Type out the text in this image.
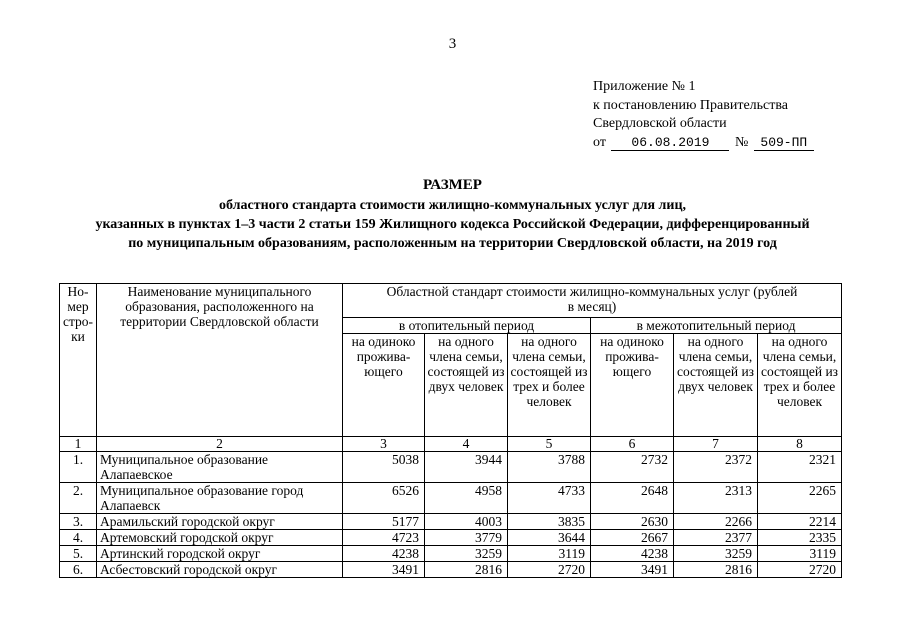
3
Приложение № 1
к постановлению Правительства
Свердловской области
от 06.08.2019 № 509-ПП
РАЗМЕР
областного стандарта стоимости жилищно-коммунальных услуг для лиц,
указанных в пунктах 1–3 части 2 статьи 159 Жилищного кодекса Российской Федерации, дифференцированный
по муниципальным образованиям, расположенным на территории Свердловской области, на 2019 год
Но-мер стро-ки	Наименование муниципального образования, расположенного на территории Свердловской области	Областной стандарт стоимости жилищно-коммунальных услуг (рублей в месяц)					
		в отопительный период			в межотопительный период		
		на одиноко прожива-ющего	на одного члена семьи, состоящей из двух человек	на одного члена семьи, состоящей из трех и более человек	на одиноко прожива-ющего	на одного члена семьи, состоящей из двух человек	на одного члена семьи, состоящей из трех и более человек
1	2	3	4	5	6	7	8
1.	Муниципальное образование Алапаевское	5038	3944	3788	2732	2372	2321
2.	Муниципальное образование город Алапаевск	6526	4958	4733	2648	2313	2265
3.	Арамильский городской округ	5177	4003	3835	2630	2266	2214
4.	Артемовский городской округ	4723	3779	3644	2667	2377	2335
5.	Артинский городской округ	4238	3259	3119	4238	3259	3119
6.	Асбестовский городской округ	3491	2816	2720	3491	2816	2720
